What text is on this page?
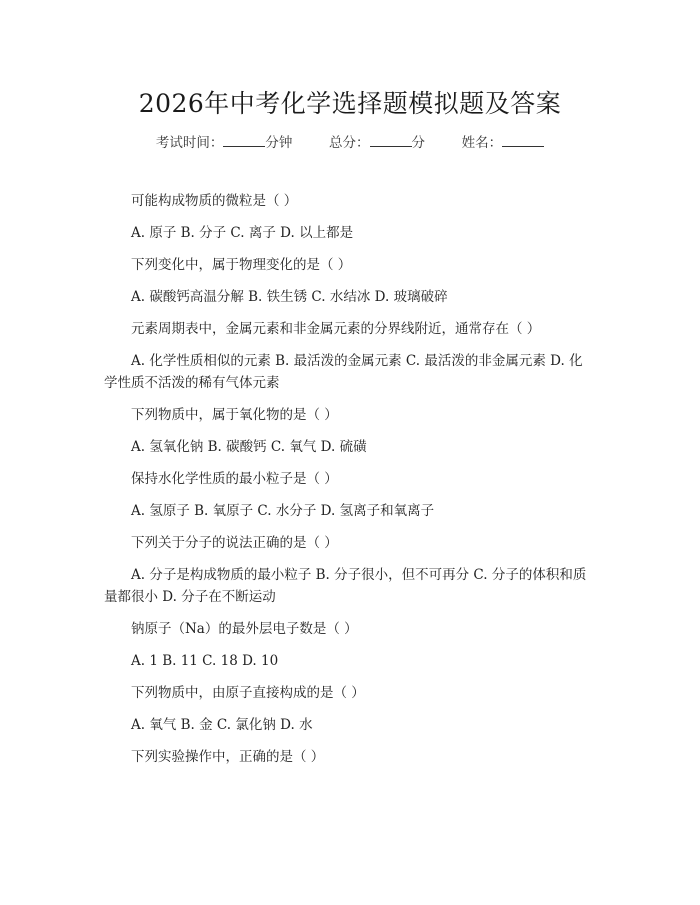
2026年中考化学选择题模拟题及答案
考试时间：	分钟	总分：	分	姓名：

可能构成物质的微粒是（ ）

A. 原子 B. 分子 C. 离子 D. 以上都是

下列变化中，属于物理变化的是（ ）

A. 碳酸钙高温分解 B. 铁生锈 C. 水结冰 D. 玻璃破碎

元素周期表中，金属元素和非金属元素的分界线附近，通常存在（ ）

A. 化学性质相似的元素 B. 最活泼的金属元素 C. 最活泼的非金属元素 D. 化学性质不活泼的稀有气体元素

下列物质中，属于氧化物的是（ ）

A. 氢氧化钠 B. 碳酸钙 C. 氧气 D. 硫磺

保持水化学性质的最小粒子是（ ）

A. 氢原子 B. 氧原子 C. 水分子 D. 氢离子和氧离子

下列关于分子的说法正确的是（ ）

A. 分子是构成物质的最小粒子 B. 分子很小，但不可再分 C. 分子的体积和质量都很小 D. 分子在不断运动

钠原子（Na）的最外层电子数是（ ）

A. 1 B. 11 C. 18 D. 10

下列物质中，由原子直接构成的是（ ）

A. 氧气 B. 金 C. 氯化钠 D. 水

下列实验操作中，正确的是（ ）
